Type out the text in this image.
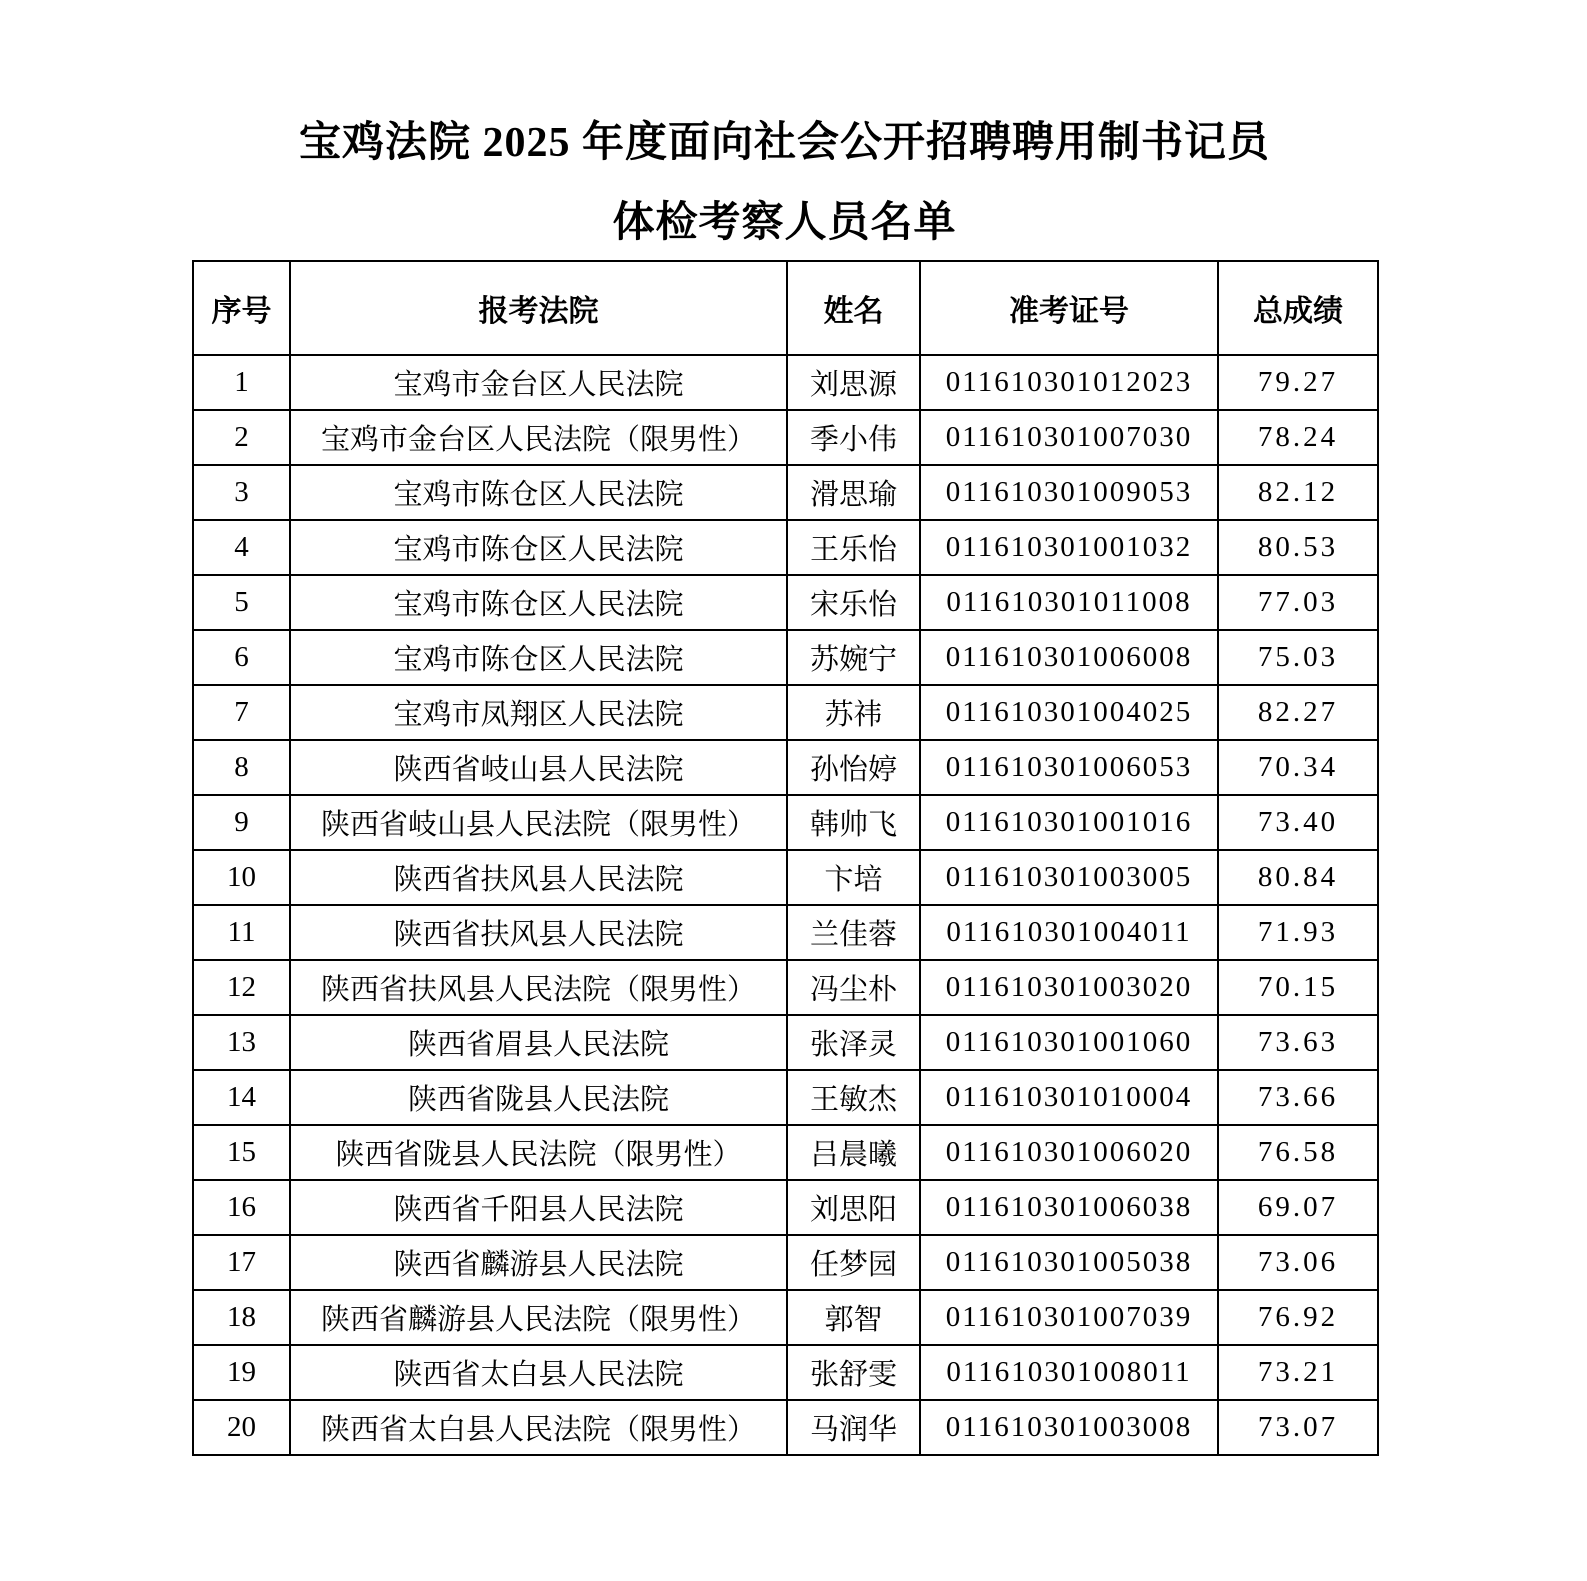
宝鸡法院 2025 年度面向社会公开招聘聘用制书记员
体检考察人员名单
序号	报考法院	姓名	准考证号	总成绩
1	宝鸡市金台区人民法院	刘思源	011610301012023	79.27
2	宝鸡市金台区人民法院（限男性）	季小伟	011610301007030	78.24
3	宝鸡市陈仓区人民法院	滑思瑜	011610301009053	82.12
4	宝鸡市陈仓区人民法院	王乐怡	011610301001032	80.53
5	宝鸡市陈仓区人民法院	宋乐怡	011610301011008	77.03
6	宝鸡市陈仓区人民法院	苏婉宁	011610301006008	75.03
7	宝鸡市凤翔区人民法院	苏祎	011610301004025	82.27
8	陕西省岐山县人民法院	孙怡婷	011610301006053	70.34
9	陕西省岐山县人民法院（限男性）	韩帅飞	011610301001016	73.40
10	陕西省扶风县人民法院	卞培	011610301003005	80.84
11	陕西省扶风县人民法院	兰佳蓉	011610301004011	71.93
12	陕西省扶风县人民法院（限男性）	冯尘朴	011610301003020	70.15
13	陕西省眉县人民法院	张泽灵	011610301001060	73.63
14	陕西省陇县人民法院	王敏杰	011610301010004	73.66
15	陕西省陇县人民法院（限男性）	吕晨曦	011610301006020	76.58
16	陕西省千阳县人民法院	刘思阳	011610301006038	69.07
17	陕西省麟游县人民法院	任梦园	011610301005038	73.06
18	陕西省麟游县人民法院（限男性）	郭智	011610301007039	76.92
19	陕西省太白县人民法院	张舒雯	011610301008011	73.21
20	陕西省太白县人民法院（限男性）	马润华	011610301003008	73.07
